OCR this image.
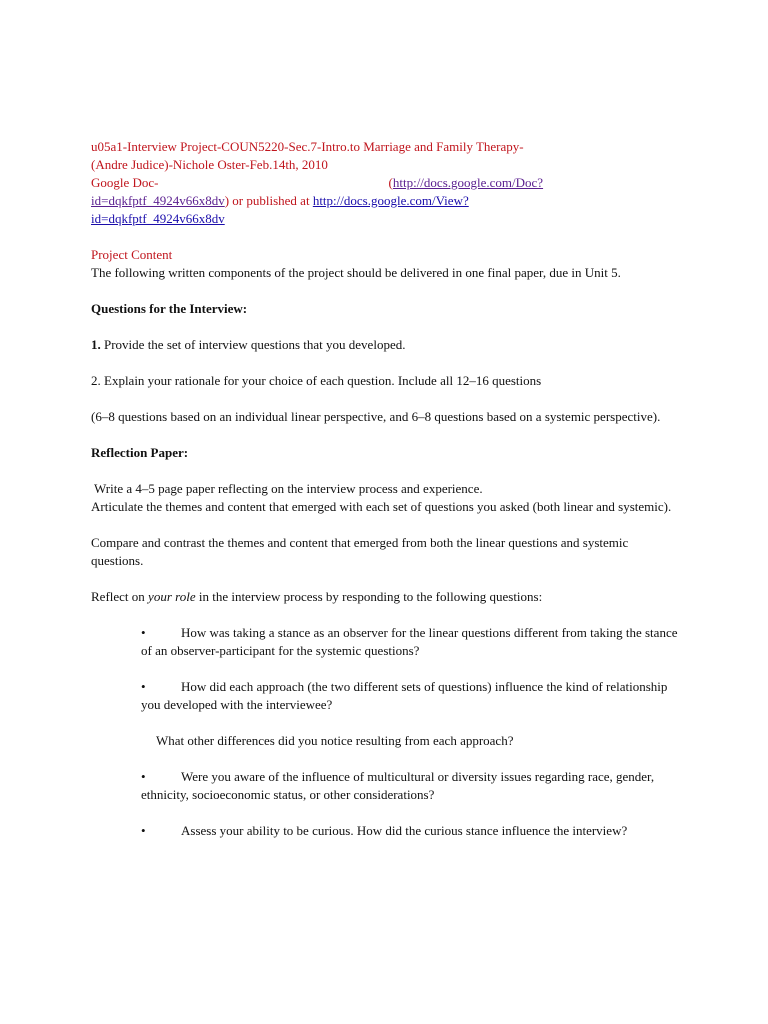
u05a1-Interview Project-COUN5220-Sec.7-Intro.to Marriage and Family Therapy-

(Andre Judice)-Nichole Oster-Feb.14th, 2010

Google Doc-	(http://docs.google.com/Doc?

id=dqkfptf_4924v66x8dv) or published at http://docs.google.com/View?

id=dqkfptf_4924v66x8dv

Project Content

The following written components of the project should be delivered in one final paper, due in Unit 5.

Questions for the Interview:

1. Provide the set of interview questions that you developed.

2. Explain your rationale for your choice of each question. Include all 12–16 questions

(6–8 questions based on an individual linear perspective, and 6–8 questions based on a systemic perspective).

Reflection Paper:

Write a 4–5 page paper reflecting on the interview process and experience.

Articulate the themes and content that emerged with each set of questions you asked (both linear and systemic).

Compare and contrast the themes and content that emerged from both the linear questions and systemic questions.

Reflect on your role in the interview process by responding to the following questions:

•	How was taking a stance as an observer for the linear questions different from taking the stance of an observer-participant for the systemic questions?

•	How did each approach (the two different sets of questions) influence the kind of relationship you developed with the interviewee?

What other differences did you notice resulting from each approach?

•	Were you aware of the influence of multicultural or diversity issues regarding race, gender, ethnicity, socioeconomic status, or other considerations?

•	Assess your ability to be curious. How did the curious stance influence the interview?
